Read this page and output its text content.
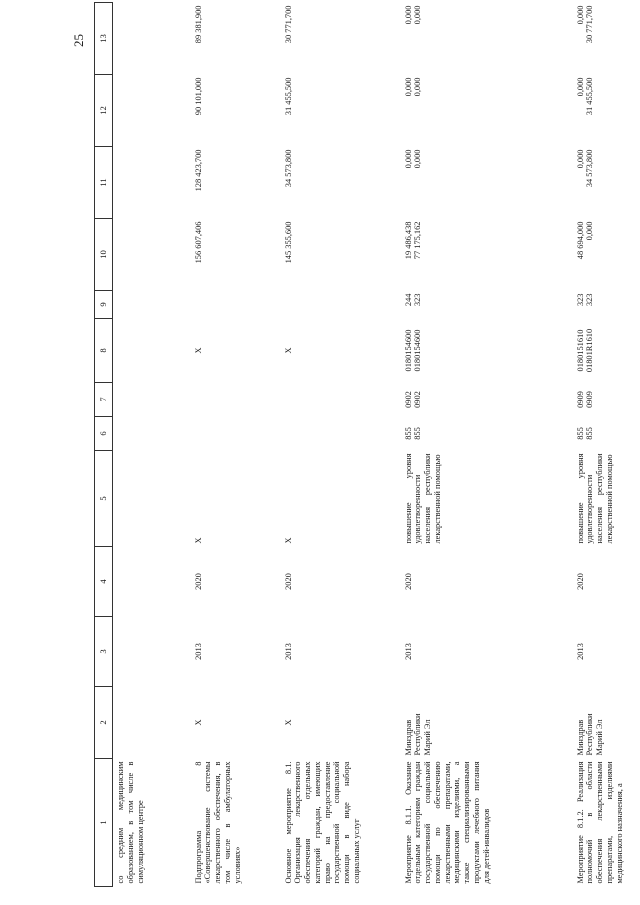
25
1	2	3	4	5	6	7	8	9	10	11	12	13
со средним медицинским образованием, в том числе в симуляционном центре												
Подпрограмма 8 «Совершенствование системы лекарственного обеспечения, в том числе в амбулаторных условиях»	X	2013	2020	X			X		156 607,406	128 423,700	90 101,000	89 381,900

Основное мероприятие 8.1. Организация лекарственного обеспечения отдельных категорий граждан, имеющих право на предоставление государственной социальной помощи в виде набора социальных услуг	X	2013	2020	X			X		145 355,600	34 573,800	31 455,500	30 771,700

Мероприятие 8.1.1. Оказание отдельным категориям граждан государственной социальной помощи по обеспечению лекарственными препаратами, медицинскими изделиями, а также специализированными продуктами лечебного питания для детей-инвалидов	Минздрав Республики Марий Эл	2013	2020	повышение уровня удовлетворенности населения республики лекарственной помощью	855 855	0902 0902	0180154600 0180154600	244 323	19 486,438 77 175,162	0,000 0,000	0,000 0,000	0,000 0,000

Мероприятие 8.1.2. Реализация полномочий в области обеспечения лекарственными препаратами, изделиями медицинского назначения, а	Минздрав Республики Марий Эл	2013	2020	повышение уровня удовлетворенности населения республики лекарственной помощью	855 855	0909 0909	0180151610 01801R1610	323 323	48 694,000 0,000	0,000 34 573,800	0,000 31 455,500	0,000 30 771,700
